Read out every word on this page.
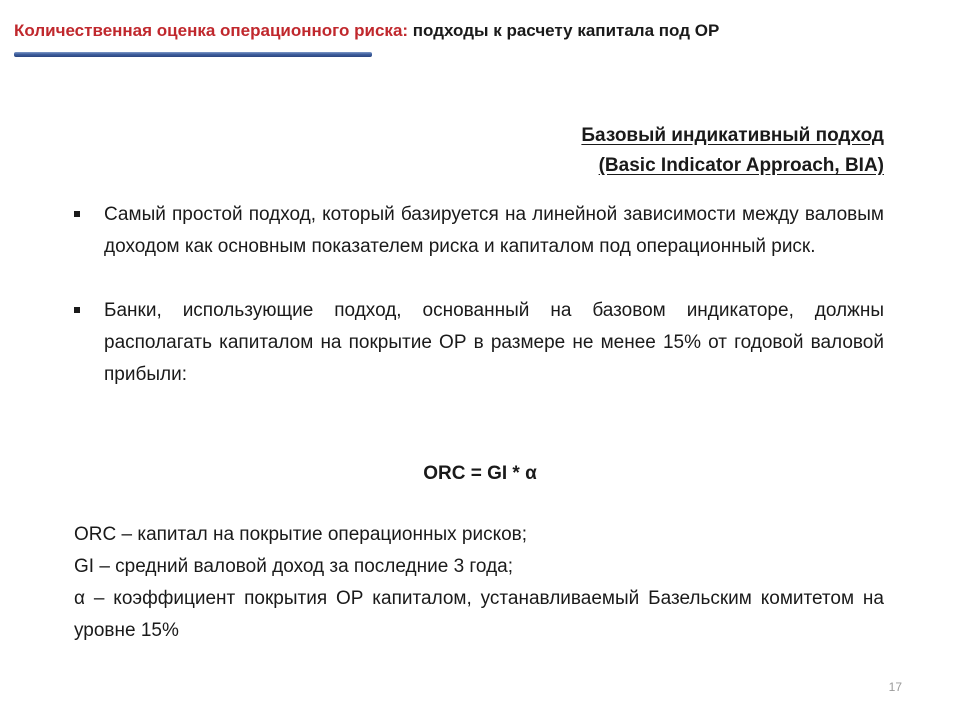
Количественная оценка операционного риска: подходы к расчету капитала под ОР
Базовый индикативный подход
(Basic Indicator Approach, BIA)
Самый простой подход, который базируется на линейной зависимости между валовым доходом как основным показателем риска и капиталом под операционный риск.
Банки, использующие подход, основанный на базовом индикаторе, должны располагать капиталом на покрытие ОР в размере не менее 15% от годовой валовой прибыли:
ORC = GI * α
ORC – капитал на покрытие операционных рисков;
GI – средний валовой доход за последние 3 года;
α – коэффициент покрытия ОР капиталом, устанавливаемый Базельским комитетом на уровне 15%
17
